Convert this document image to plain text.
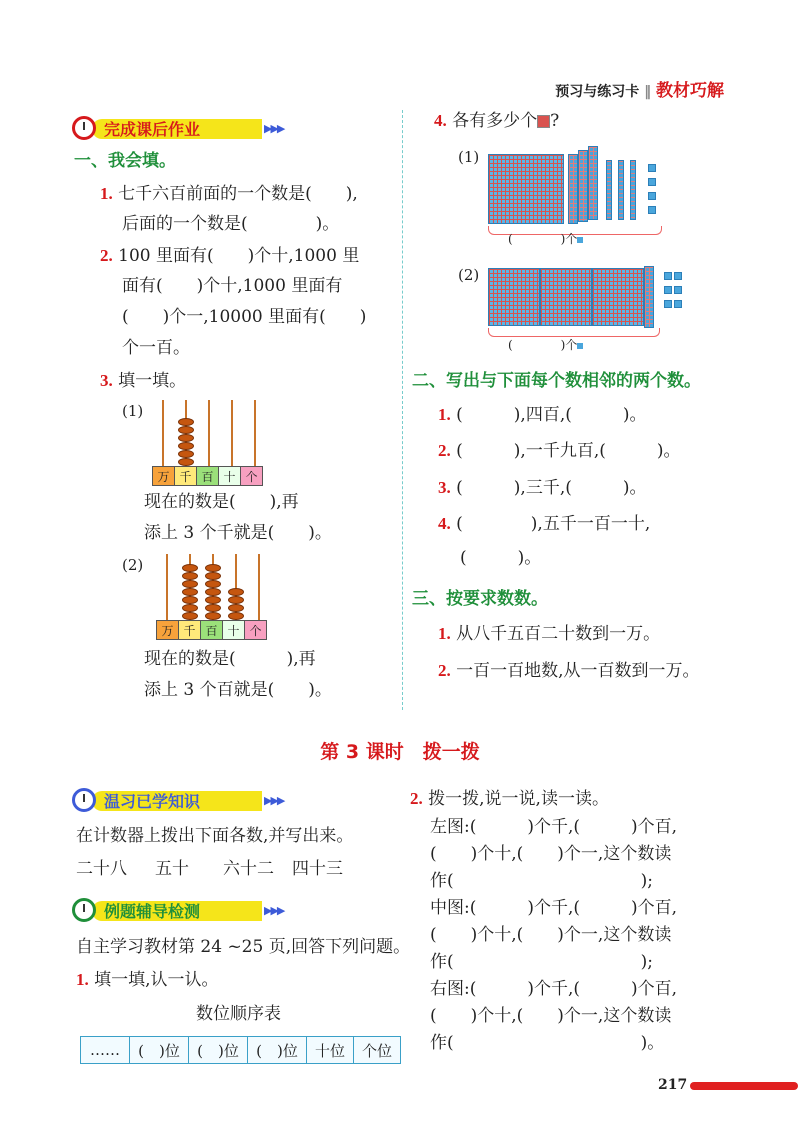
预习与练习卡 ‖ 教材巧解
完成课后作业	▶▶▶
一、我会填。
1. 七千六百前面的一个数是(　　),
后面的一个数是(　　　　)。
2. 100 里面有(　　)个十,1000 里
面有(　　)个十,1000 里面有
(　　)个一,10000 里面有(　　)
个一百。
3. 填一填。
(1)
万	千	百	十	个
现在的数是(　　),再
添上 3 个千就是(　　)。
(2)
万	千	百	十	个
现在的数是(　　　),再
添上 3 个百就是(　　)。
4. 各有多少个 ?
(1)
(　　　　)个
(2)
(　　　　)个
二、写出与下面每个数相邻的两个数。
1. (　　　),四百,(　　　)。
2. (　　　),一千九百,(　　　)。
3. (　　　),三千,(　　　)。
4. (　　　　),五千一百一十,
(　　　)。
三、按要求数数。
1. 从八千五百二十数到一万。
2. 一百一百地数,从一百数到一万。
第 3 课时　拨一拨
温习已学知识	▶▶▶
在计数器上拨出下面各数,并写出来。
二十八 五十 六十二 四十三
例题辅导检测	▶▶▶
自主学习教材第 24 ~25 页,回答下列问题。
1. 填一填,认一认。
数位顺序表
……	(　)位	(　)位	(　)位	十位	个位
2. 拨一拨,说一说,读一读。
左图:(　　　)个千,(　　　)个百,
(　　)个十,(　　)个一,这个数读
作(　　　　　　　　　　　);
中图:(　　　)个千,(　　　)个百,
(　　)个十,(　　)个一,这个数读
作(　　　　　　　　　　　);
右图:(　　　)个千,(　　　)个百,
(　　)个十,(　　)个一,这个数读
作(　　　　　　　　　　　)。
217
